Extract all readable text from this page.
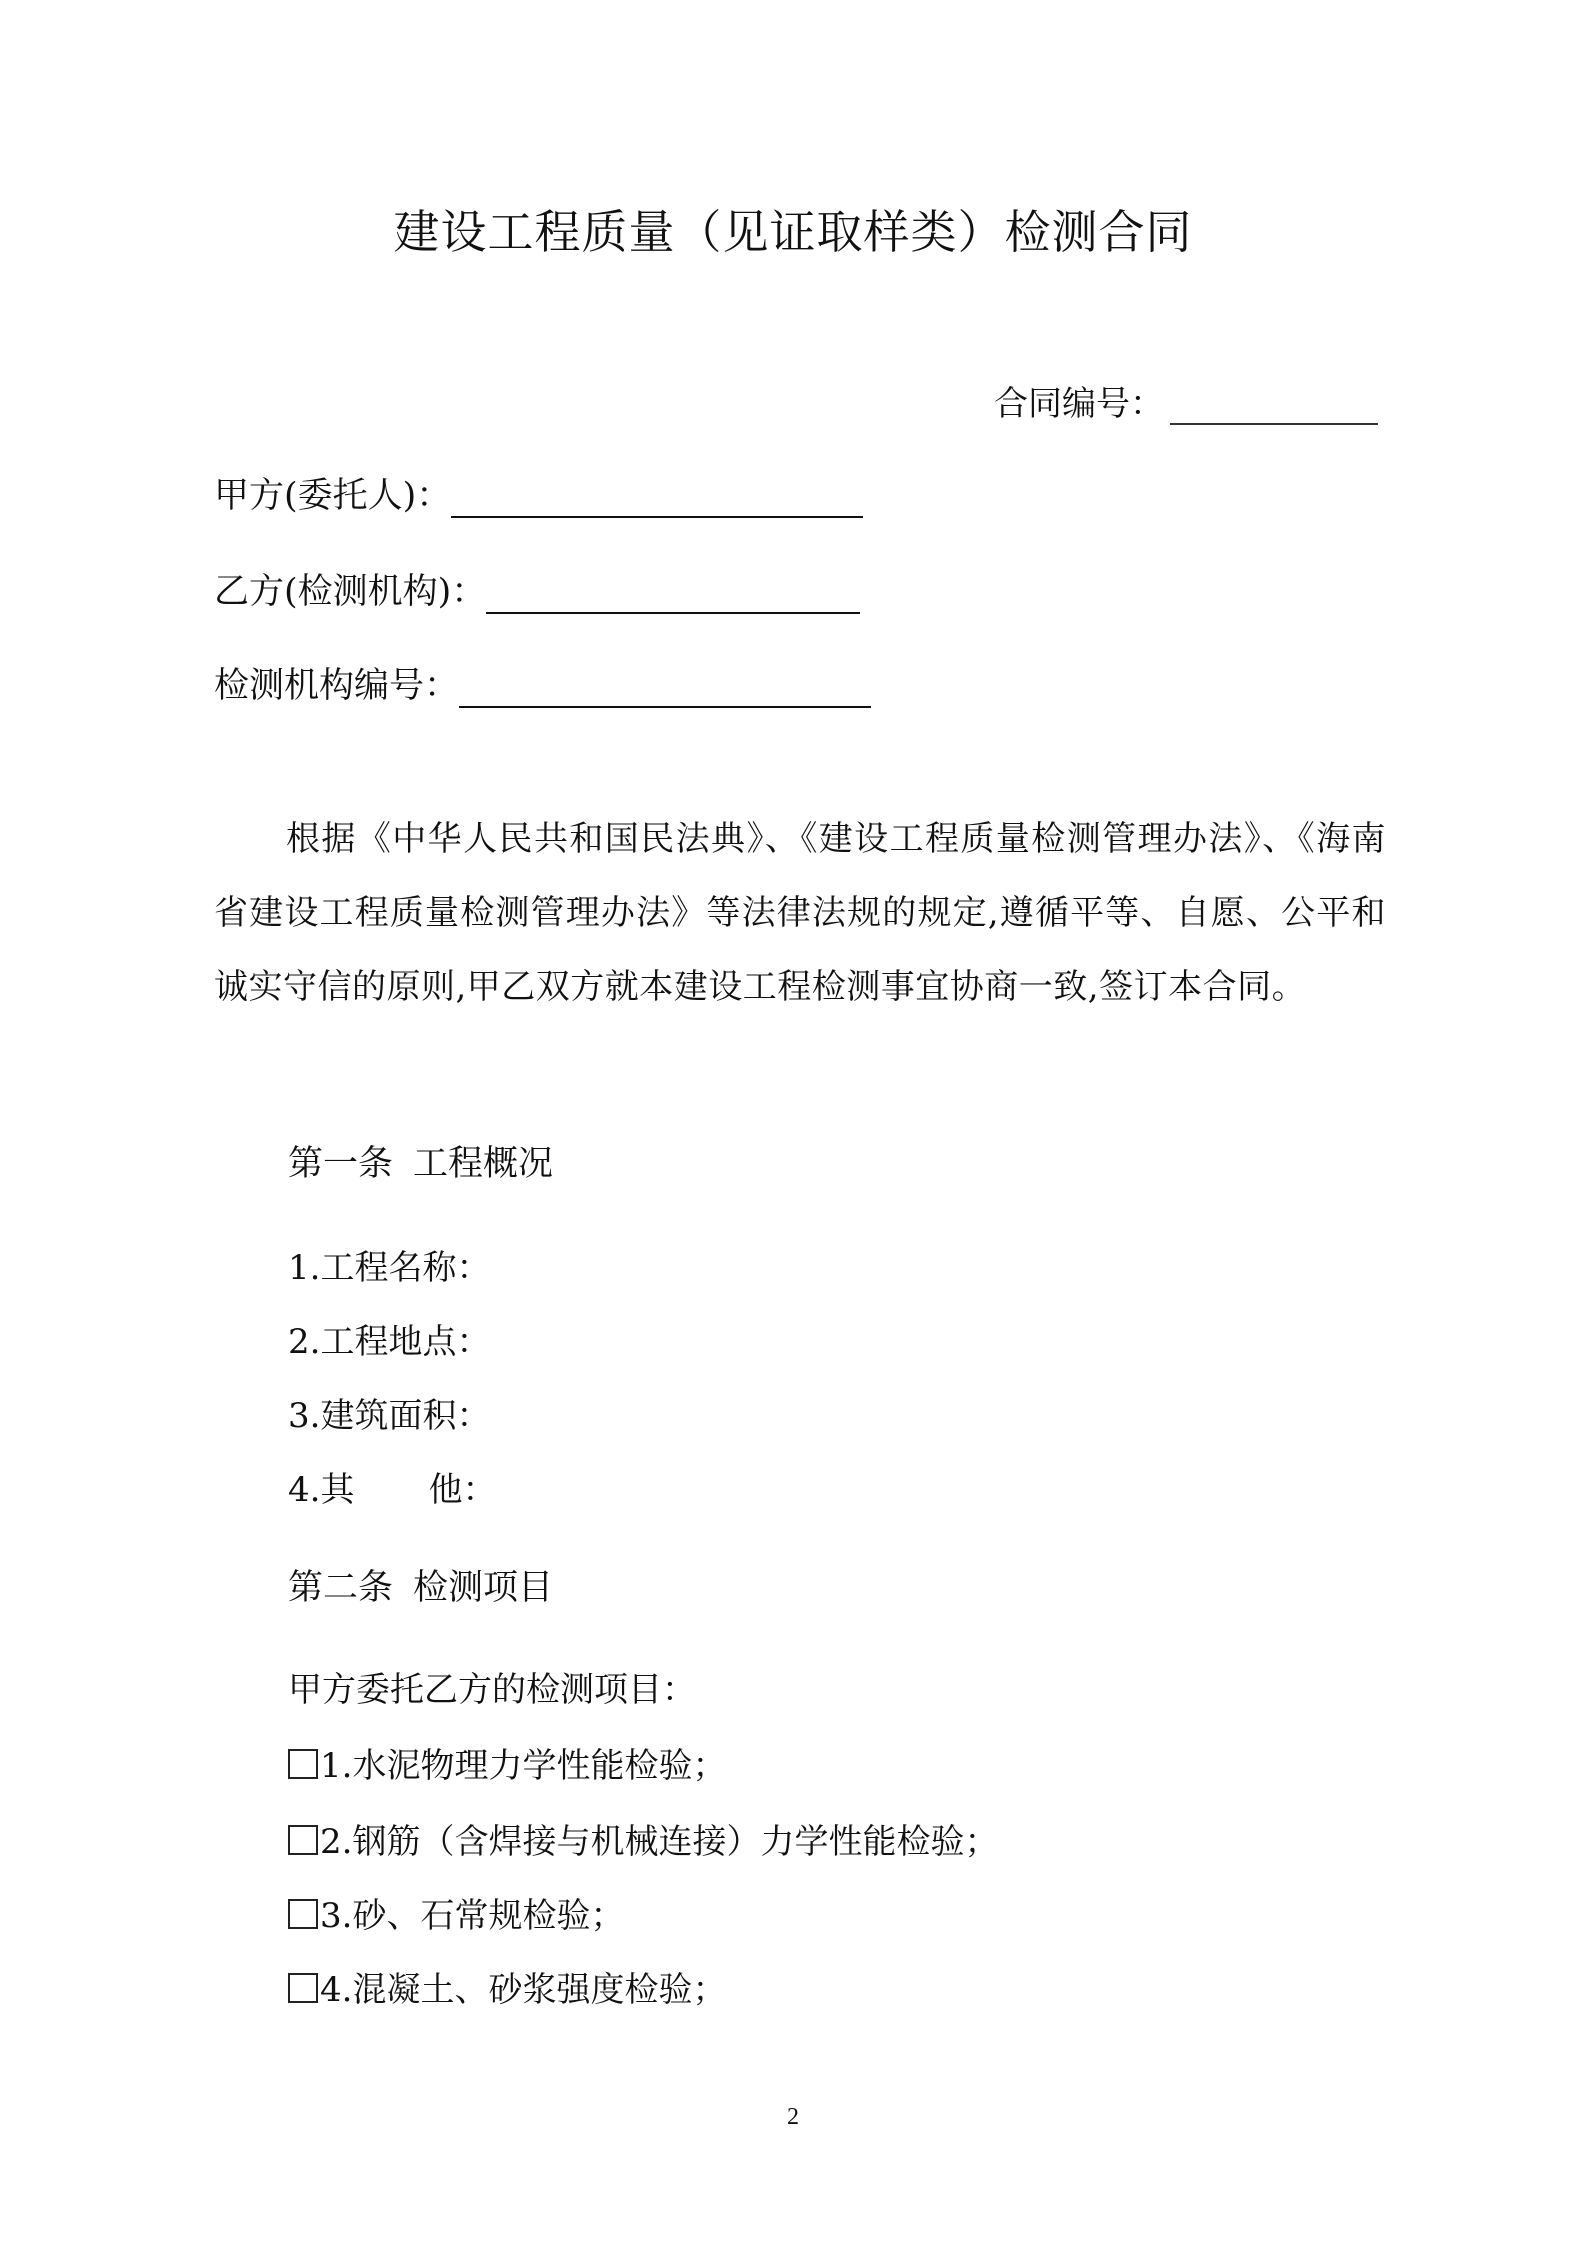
建设工程质量（见证取样类）检测合同
合同编号：
甲方(委托人)：
乙方(检测机构)：
检测机构编号：
根据《中华人民共和国民法典》、《建设工程质量检测管理办法》、《海南省建设工程质量检测管理办法》等法律法规的规定,遵循平等、自愿、公平和诚实守信的原则,甲乙双方就本建设工程检测事宜协商一致,签订本合同。
第一条 工程概况
1.工程名称：
2.工程地点：
3.建筑面积：
4.其 他：
第二条 检测项目
甲方委托乙方的检测项目：
1.水泥物理力学性能检验；
2.钢筋（含焊接与机械连接）力学性能检验；
3.砂、石常规检验；
4.混凝土、砂浆强度检验；
2
